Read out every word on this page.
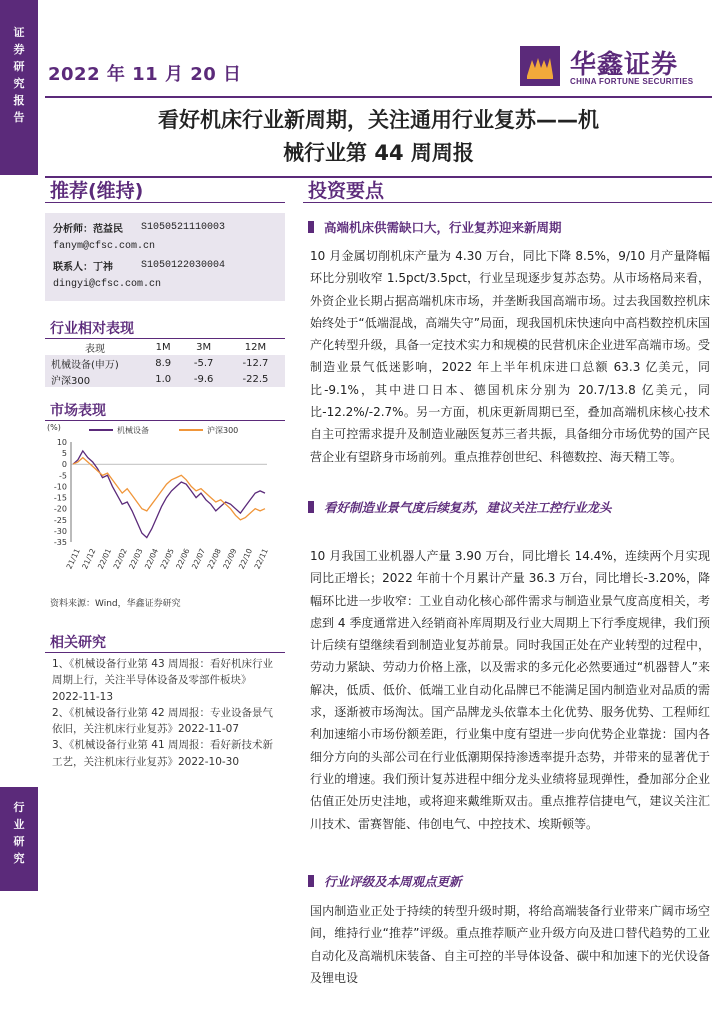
证
券
研
究
报
告
行
业
研
究
2022 年 11 月 20 日	华鑫证券
CHINA FORTUNE SECURITIES
看好机床行业新周期，关注通用行业复苏——机
械行业第 44 周周报
推荐(维持)	投资要点
分析师：范益民	S1050521110003
fanym@cfsc.com.cn
联系人：丁祎	S1050122030004
dingyi@cfsc.com.cn
行业相对表现
表现	1M	3M	12M
机械设备(申万)	8.9	-5.7	-12.7
沪深300	1.0	-9.6	-22.5
市场表现
(%)
10
5
0
-5
-10
-15
-20
-25
-30
-35
21/11
21/12
22/01
22/02
22/03
22/04
22/05
22/06
22/07
22/08
22/09
22/10
22/11
机械设备	沪深300
资料来源：Wind，华鑫证券研究
相关研究
1、《机械设备行业第 43 周周报：看好机床行业周期上行，关注半导体设备及零部件板块》2022-11-13
2、《机械设备行业第 42 周周报：专业设备景气依旧，关注机床行业复苏》2022-11-07
3、《机械设备行业第 41 周周报：看好新技术新工艺，关注机床行业复苏》2022-10-30
高端机床供需缺口大，行业复苏迎来新周期
10 月金属切削机床产量为 4.30 万台，同比下降 8.5%，9/10 月产量降幅环比分别收窄 1.5pct/3.5pct，行业呈现逐步复苏态势。从市场格局来看，外资企业长期占据高端机床市场，并垄断我国高端市场。过去我国数控机床始终处于“低端混战，高端失守”局面，现我国机床快速向中高档数控机床国产化转型升级，具备一定技术实力和规模的民营机床企业进军高端市场。受制造业景气低迷影响，2022 年上半年机床进口总额 63.3 亿美元，同比-9.1%，其中进口日本、德国机床分别为 20.7/13.8 亿美元，同比-12.2%/-2.7%。另一方面，机床更新周期已至，叠加高端机床核心技术自主可控需求提升及制造业融医复苏三者共振，具备细分市场优势的国产民营企业有望跻身市场前列。重点推荐创世纪、科德数控、海天精工等。
看好制造业景气度后续复苏，建议关注工控行业龙头
10 月我国工业机器人产量 3.90 万台，同比增长 14.4%，连续两个月实现同比正增长；2022 年前十个月累计产量 36.3 万台，同比增长-3.20%，降幅环比进一步收窄：工业自动化核心部件需求与制造业景气度高度相关，考虑到 4 季度通常进入经销商补库周期及行业大周期上下行季度规律，我们预计后续有望继续看到制造业复苏前景。同时我国正处在产业转型的过程中，劳动力紧缺、劳动力价格上涨，以及需求的多元化必然要通过“机器替人”来解决，低质、低价、低端工业自动化品牌已不能满足国内制造业对品质的需求，逐渐被市场淘汰。国产品牌龙头依靠本土化优势、服务优势、工程师红利加速缩小市场份额差距，行业集中度有望进一步向优势企业靠拢：国内各细分方向的头部公司在行业低潮期保持渗透率提升态势，并带来的显著优于行业的增速。我们预计复苏进程中细分龙头业绩将显现弹性，叠加部分企业估值正处历史洼地，或将迎来戴维斯双击。重点推荐信捷电气，建议关注汇川技术、雷赛智能、伟创电气、中控技术、埃斯顿等。
行业评级及本周观点更新
国内制造业正处于持续的转型升级时期，将给高端装备行业带来广阔市场空间，维持行业“推荐”评级。重点推荐顺产业升级方向及进口替代趋势的工业自动化及高端机床装备、自主可控的半导体设备、碳中和加速下的光伏设备及锂电设
